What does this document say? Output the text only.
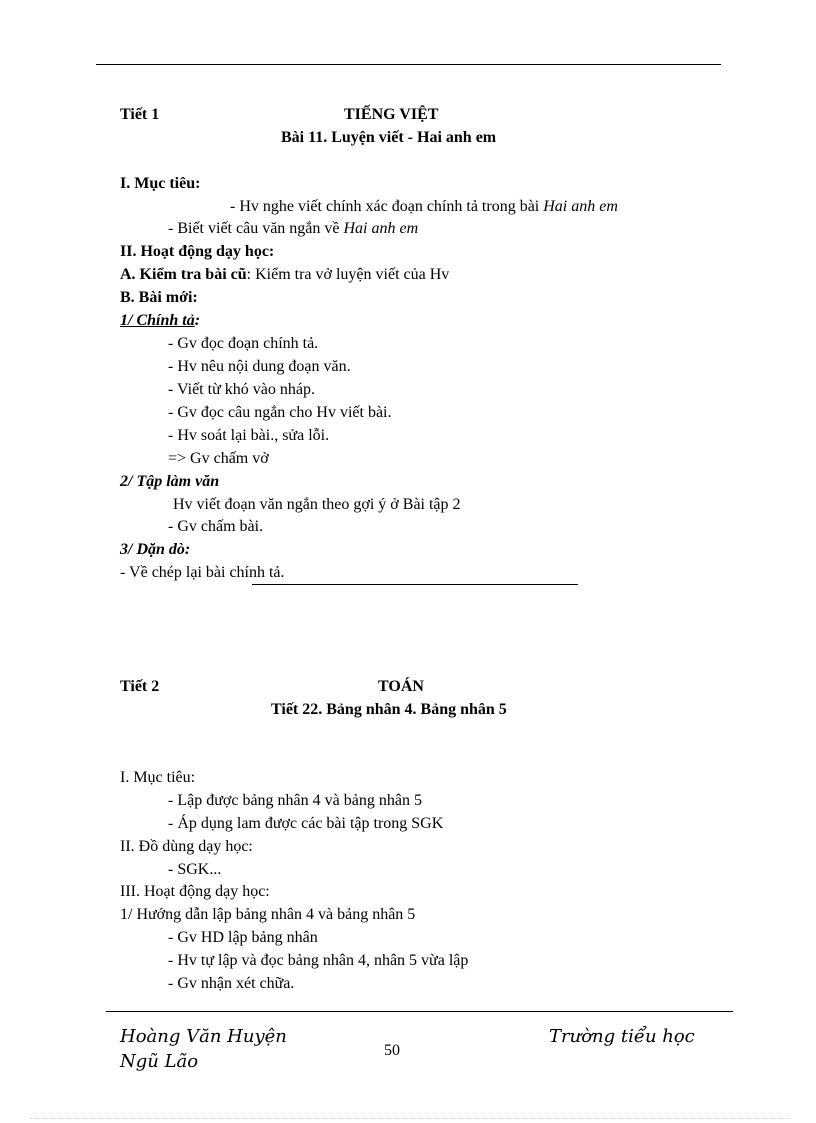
Tiết 1	TIẾNG VIỆT
Bài 11. Luyện viết - Hai anh em
I. Mục tiêu:
- Hv nghe viết chính xác đoạn chính tả trong bài Hai anh em
- Biết viết câu văn ngắn về Hai anh em
II. Hoạt động dạy học:
A. Kiểm tra bài cũ: Kiểm tra vở luyện viết của Hv
B. Bài mới:
1/ Chính tả:
- Gv đọc đoạn chính tả.
- Hv nêu nội dung đoạn văn.
- Viết từ khó vào nháp.
- Gv đọc câu ngắn cho Hv viết bài.
- Hv soát lại bài., sửa lỗi.
=> Gv chấm vở
2/ Tập làm văn
Hv viết đoạn văn ngắn theo gợi ý ở Bài tập 2
- Gv chấm bài.
3/ Dặn dò:
- Về chép lại bài chính tả.
Tiết 2	TOÁN
Tiết 22. Bảng nhân 4. Bảng nhân 5
I. Mục tiêu:
- Lập được bảng nhân 4 và bảng nhân 5
- Áp dụng lam được các bài tập trong SGK
II. Đồ dùng dạy học:
- SGK...
III. Hoạt động dạy học:
1/ Hướng dẫn lập bảng nhân 4 và bảng nhân 5
- Gv HD lập bảng nhân
- Hv tự lập và đọc bảng nhân 4, nhân 5 vừa lập
- Gv nhận xét chữa.
Hoàng Văn Huyện
Ngũ Lão
50
Trường tiểu học
